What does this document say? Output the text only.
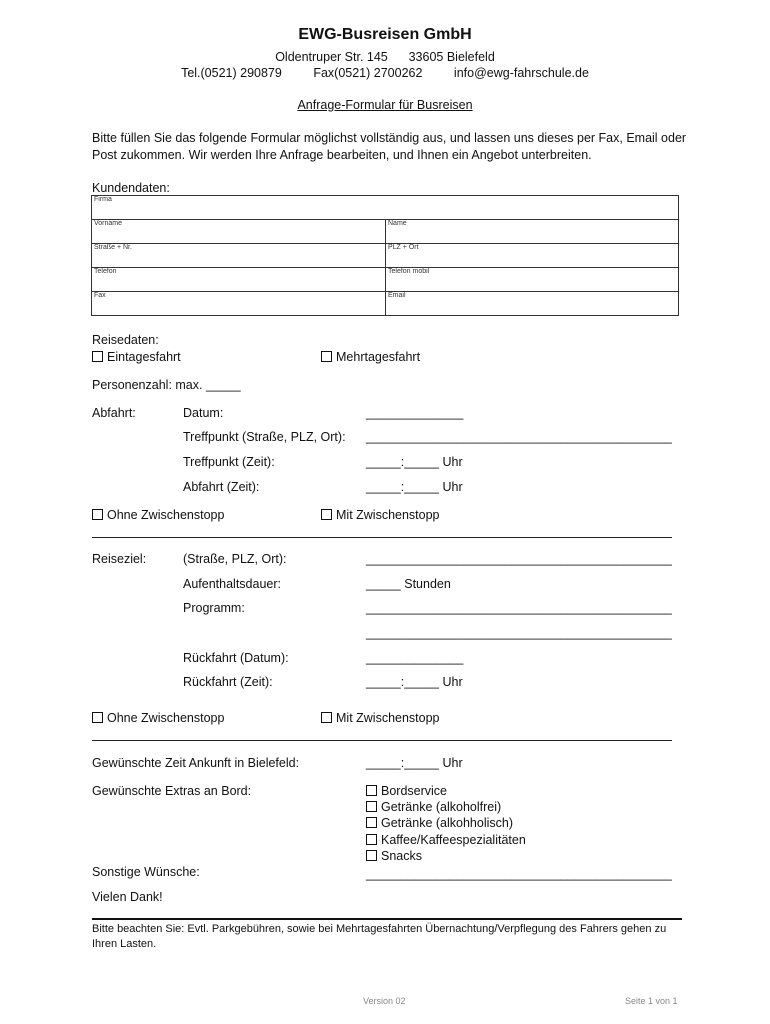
EWG-Busreisen GmbH
Oldentruper Str. 145 33605 Bielefeld
Tel.(0521) 290879	Fax(0521) 2700262	info@ewg-fahrschule.de
Anfrage-Formular für Busreisen
Bitte füllen Sie das folgende Formular möglichst vollständig aus, und lassen uns dieses per Fax, Email oder Post zukommen. Wir werden Ihre Anfrage bearbeiten, und Ihnen ein Angebot unterbreiten.
Kundendaten:
Firma	
Vorname	Name
Straße + Nr.	PLZ + Ort
Telefon	Telefon mobil
Fax	Email
Reisedaten:
Eintagesfahrt	Mehrtagesfahrt
Personenzahl: max. _____
Abfahrt:	Datum:	______________
Treffpunkt (Straße, PLZ, Ort): ____________________________________________
Treffpunkt (Zeit):	_____:_____ Uhr
Abfahrt (Zeit):	_____:_____ Uhr
Ohne Zwischenstopp	Mit Zwischenstopp
Reiseziel:	(Straße, PLZ, Ort):	____________________________________________
Aufenthaltsdauer:	_____ Stunden
Programm:	____________________________________________
____________________________________________
Rückfahrt (Datum):	______________
Rückfahrt (Zeit):	_____:_____ Uhr
Ohne Zwischenstopp	Mit Zwischenstopp
Gewünschte Zeit Ankunft in Bielefeld:	_____:_____ Uhr
Gewünschte Extras an Bord:	Bordservice
Getränke (alkoholfrei)
Getränke (alkohholisch)
Kaffee/Kaffeespezialitäten
Snacks
Sonstige Wünsche:	____________________________________________
Vielen Dank!
Bitte beachten Sie: Evtl. Parkgebühren, sowie bei Mehrtagesfahrten Übernachtung/Verpflegung des Fahrers gehen zu Ihren Lasten.
Version 02	Seite 1 von 1
